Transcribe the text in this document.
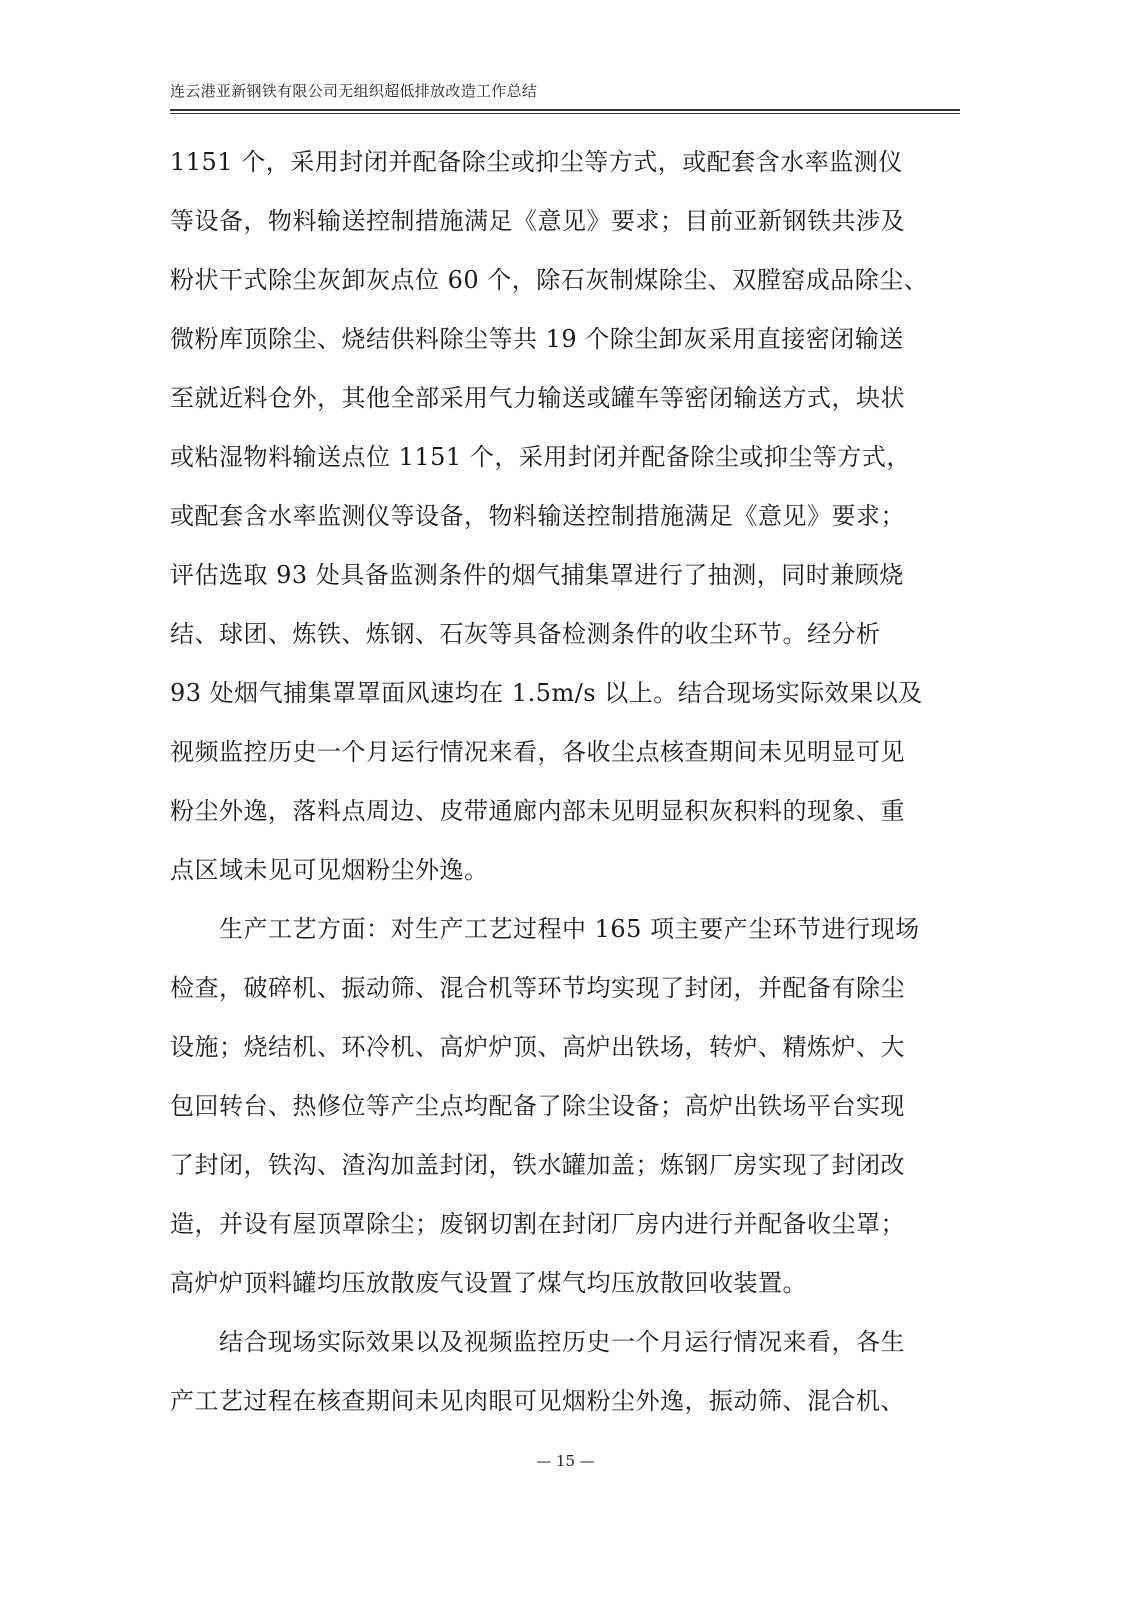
连云港亚新钢铁有限公司无组织超低排放改造工作总结
1151 个，采用封闭并配备除尘或抑尘等方式，或配套含水率监测仪
等设备，物料输送控制措施满足《意见》要求；目前亚新钢铁共涉及
粉状干式除尘灰卸灰点位 60 个，除石灰制煤除尘、双膛窑成品除尘、
微粉库顶除尘、烧结供料除尘等共 19 个除尘卸灰采用直接密闭输送
至就近料仓外，其他全部采用气力输送或罐车等密闭输送方式，块状
或粘湿物料输送点位 1151 个，采用封闭并配备除尘或抑尘等方式，
或配套含水率监测仪等设备，物料输送控制措施满足《意见》要求；
评估选取 93 处具备监测条件的烟气捕集罩进行了抽测，同时兼顾烧
结、球团、炼铁、炼钢、石灰等具备检测条件的收尘环节。经分析
93 处烟气捕集罩罩面风速均在 1.5m/s 以上。结合现场实际效果以及
视频监控历史一个月运行情况来看，各收尘点核查期间未见明显可见
粉尘外逸，落料点周边、皮带通廊内部未见明显积灰积料的现象、重
点区域未见可见烟粉尘外逸。
　　生产工艺方面：对生产工艺过程中 165 项主要产尘环节进行现场
检查，破碎机、振动筛、混合机等环节均实现了封闭，并配备有除尘
设施；烧结机、环冷机、高炉炉顶、高炉出铁场，转炉、精炼炉、大
包回转台、热修位等产尘点均配备了除尘设备；高炉出铁场平台实现
了封闭，铁沟、渣沟加盖封闭，铁水罐加盖；炼钢厂房实现了封闭改
造，并设有屋顶罩除尘；废钢切割在封闭厂房内进行并配备收尘罩；
高炉炉顶料罐均压放散废气设置了煤气均压放散回收装置。
　　结合现场实际效果以及视频监控历史一个月运行情况来看，各生
产工艺过程在核查期间未见肉眼可见烟粉尘外逸，振动筛、混合机、
— 15 —
